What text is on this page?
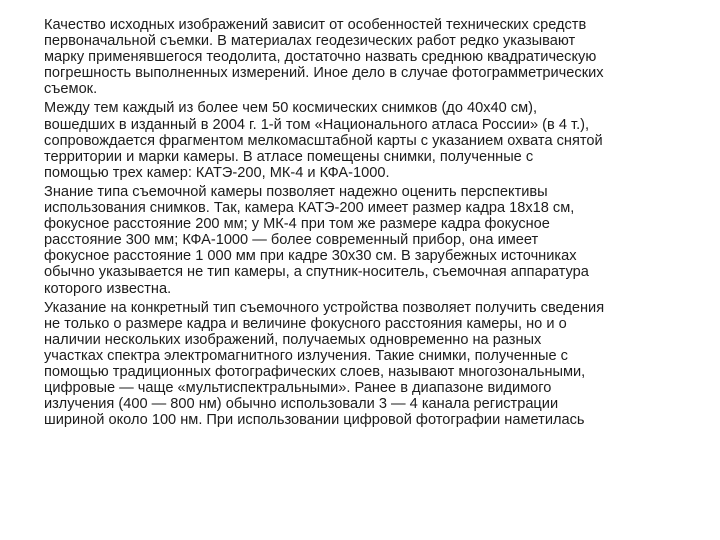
Качество исходных изображений зависит от особенностей технических средств
первоначальной съемки. В материалах геодезических работ редко указывают
марку применявшегося теодолита, достаточно назвать среднюю квадратическую
погрешность выполненных измерений. Иное дело в случае фотограмметрических
съемок.

Между тем каждый из более чем 50 космических снимков (до 40х40 см),
вошедших в изданный в 2004 г. 1-й том «Национального атласа России» (в 4 т.),
сопровождается фрагментом мелкомасштабной карты с указанием охвата снятой
территории и марки камеры. В атласе помещены снимки, полученные с
помощью трех камер: КАТЭ-200, МК-4 и КФА-1000.

Знание типа съемочной камеры позволяет надежно оценить перспективы
использования снимков. Так, камера КАТЭ-200 имеет размер кадра 18х18 см,
фокусное расстояние 200 мм; у МК-4 при том же размере кадра фокусное
расстояние 300 мм; КФА-1000 — более современный прибор, она имеет
фокусное расстояние 1 000 мм при кадре 30х30 см. В зарубежных источниках
обычно указывается не тип камеры, а спутник-носитель, съемочная аппаратура
которого известна.

Указание на конкретный тип съемочного устройства позволяет получить сведения
не только о размере кадра и величине фокусного расстояния камеры, но и о
наличии нескольких изображений, получаемых одновременно на разных
участках спектра электромагнитного излучения. Такие снимки, полученные с
помощью традиционных фотографических слоев, называют многозональными,
цифровые — чаще «мультиспектральными». Ранее в диапазоне видимого
излучения (400 — 800 нм) обычно использовали 3 — 4 канала регистрации
шириной около 100 нм. При использовании цифровой фотографии наметилась
